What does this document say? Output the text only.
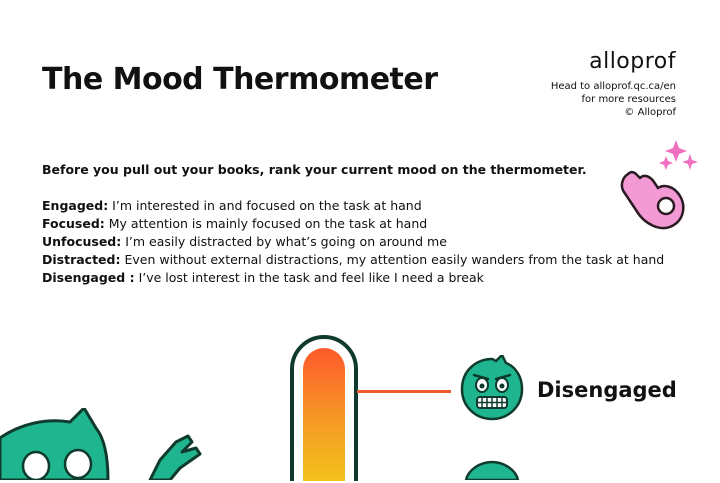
The Mood Thermometer
alloprof
Head to alloprof.qc.ca/en
for more resources
© Alloprof
Before you pull out your books, rank your current mood on the thermometer.
Engaged: I’m interested in and focused on the task at hand
Focused: My attention is mainly focused on the task at hand
Unfocused: I’m easily distracted by what’s going on around me
Distracted: Even without external distractions, my attention easily wanders from the task at hand
Disengaged : I’ve lost interest in the task and feel like I need a break
Disengaged
